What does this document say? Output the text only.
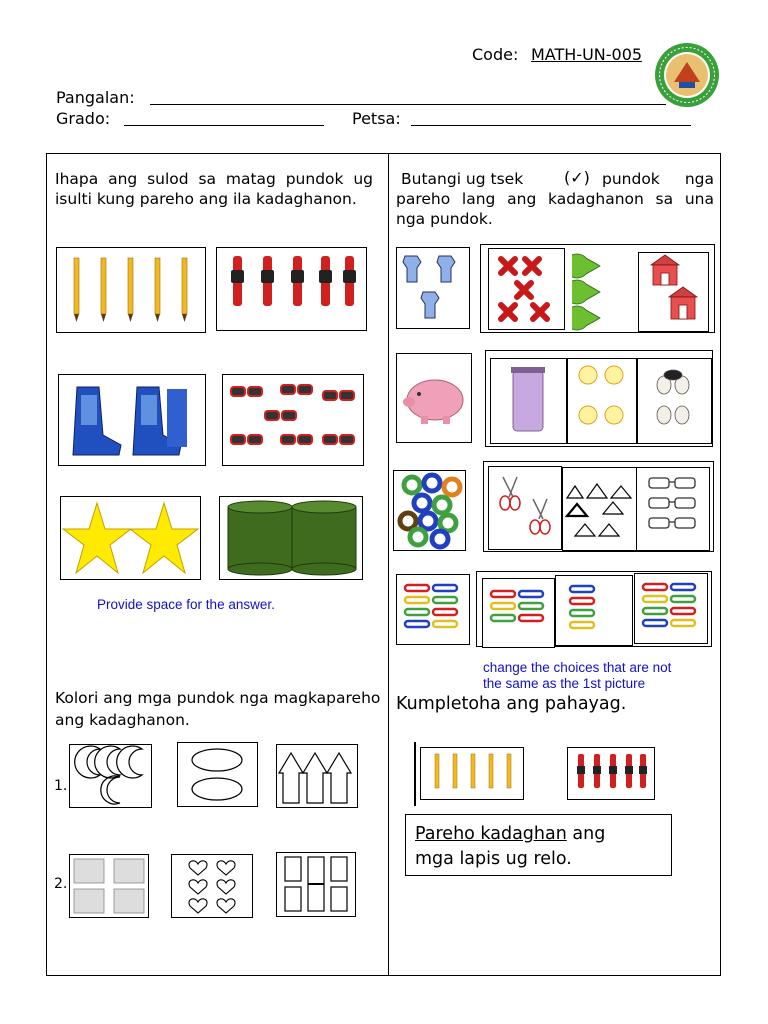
Code: MATH-UN-005
Pangalan:
Grado:	Petsa:
Ihapa ang sulod sa matag pundok ug isulti kung pareho ang ila kadaghanon.
Provide space for the answer.
Kolori ang mga pundok nga magkapareho ang kadaghanon.
1.
2.
Butangi ug tsek	(✓) pundok nga pareho lang ang kadaghanon sa una nga pundok.
change the choices that are not
the same as the 1st picture
Kumpletoha ang pahayag.
Pareho kadaghan ang
mga lapis ug relo.
